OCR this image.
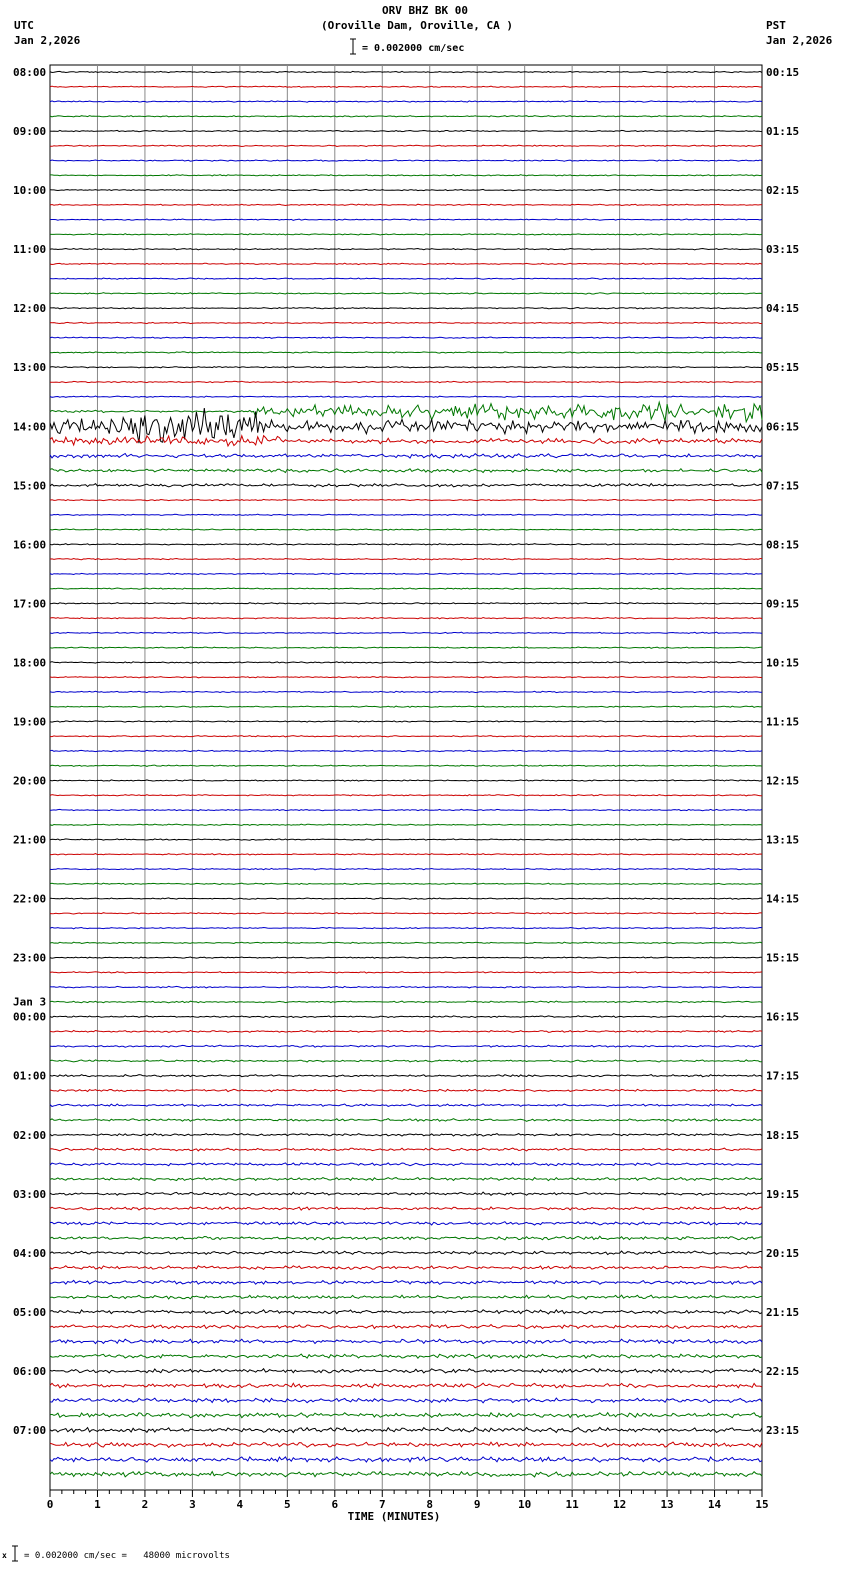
ORV BHZ BK 00
(Oroville Dam, Oroville, CA )
= 0.002000 cm/sec
UTC
Jan 2,2026
PST
Jan 2,2026
08:00
09:00
10:00
11:00
12:00
13:00
14:00
15:00
16:00
17:00
18:00
19:00
20:00
21:00
22:00
23:00
00:00
01:00
02:00
03:00
04:00
05:00
06:00
07:00
00:15
01:15
02:15
03:15
04:15
05:15
06:15
07:15
08:15
09:15
10:15
11:15
12:15
13:15
14:15
15:15
16:15
17:15
18:15
19:15
20:15
21:15
22:15
23:15
Jan 3
0	1	2	3	4	5	6	7	8	9	10	11	12	13	14	15
TIME (MINUTES)
x = 0.002000 cm/sec =   48000 microvolts
